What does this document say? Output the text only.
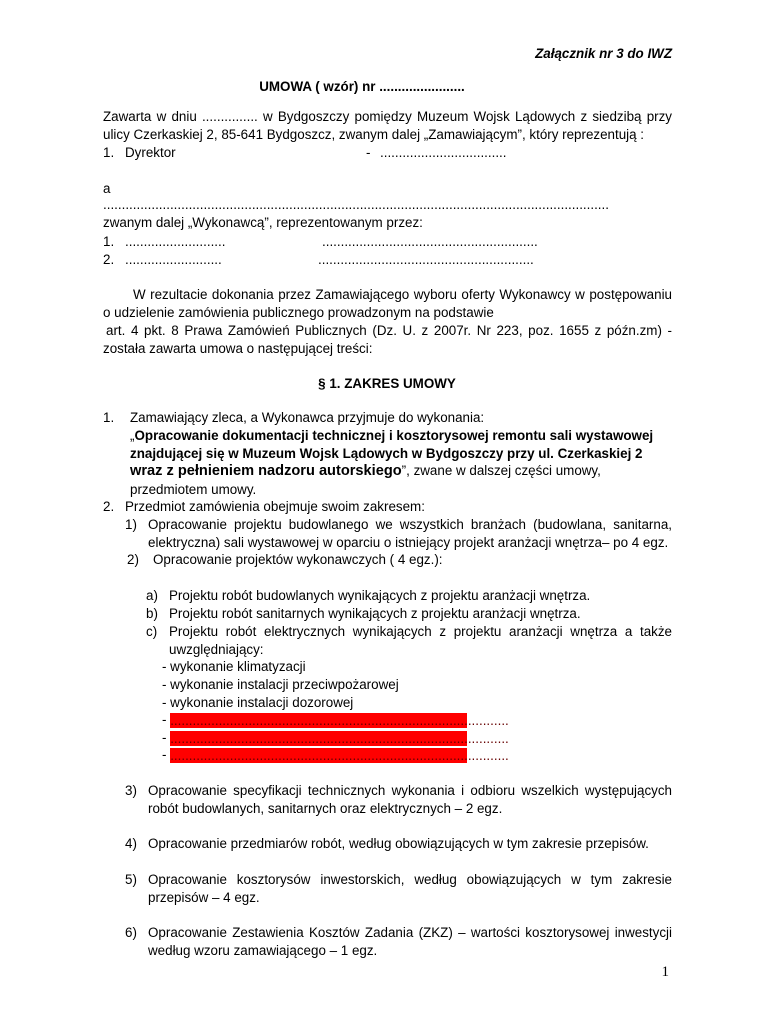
Załącznik nr 3 do IWZ
UMOWA ( wzór) nr .......................
Zawarta w dniu ............... w Bydgoszczy pomiędzy Muzeum Wojsk Lądowych z siedzibą przy
ulicy Czerkaskiej 2, 85-641 Bydgoszcz, zwanym dalej „Zamawiającym”, który reprezentują :
1. Dyrektor	- ..................................
a
........................................................................................................................................
zwanym dalej „Wykonawcą”, reprezentowanym przez:
1. ...........................	..........................................................
2. ..........................	..........................................................
W rezultacie dokonania przez Zamawiającego wyboru oferty Wykonawcy w postępowaniu
o udzielenie zamówienia publicznego prowadzonym na podstawie
art. 4 pkt. 8 Prawa Zamówień Publicznych (Dz. U. z 2007r. Nr 223, poz. 1655 z późn.zm) -
została zawarta umowa o następującej treści:
§ 1. ZAKRES UMOWY
1. Zamawiający zleca, a Wykonawca przyjmuje do wykonania:
„Opracowanie dokumentacji technicznej i kosztorysowej remontu sali wystawowej
znajdującej się w Muzeum Wojsk Lądowych w Bydgoszczy przy ul. Czerkaskiej 2
wraz z pełnieniem nadzoru autorskiego”, zwane w dalszej części umowy,
przedmiotem umowy.
2. Przedmiot zamówienia obejmuje swoim zakresem:
1) Opracowanie projektu budowlanego we wszystkich branżach (budowlana, sanitarna,
elektryczna) sali wystawowej w oparciu o istniejący projekt aranżacji wnętrza– po 4 egz.
2) Opracowanie projektów wykonawczych ( 4 egz.):
a) Projektu robót budowlanych wynikających z projektu aranżacji wnętrza.
b) Projektu robót sanitarnych wynikających z projektu aranżacji wnętrza.
c) Projektu robót elektrycznych wynikających z projektu aranżacji wnętrza a także
uwzględniający:
- wykonanie klimatyzacji
- wykonanie instalacji przeciwpożarowej
- wykonanie instalacji dozorowej
- ...........................................................................................
- ...........................................................................................
- ...........................................................................................
3) Opracowanie specyfikacji technicznych wykonania i odbioru wszelkich występujących
robót budowlanych, sanitarnych oraz elektrycznych – 2 egz.
4) Opracowanie przedmiarów robót, według obowiązujących w tym zakresie przepisów.
5) Opracowanie kosztorysów inwestorskich, według obowiązujących w tym zakresie
przepisów – 4 egz.
6) Opracowanie Zestawienia Kosztów Zadania (ZKZ) – wartości kosztorysowej inwestycji
według wzoru zamawiającego – 1 egz.
1
